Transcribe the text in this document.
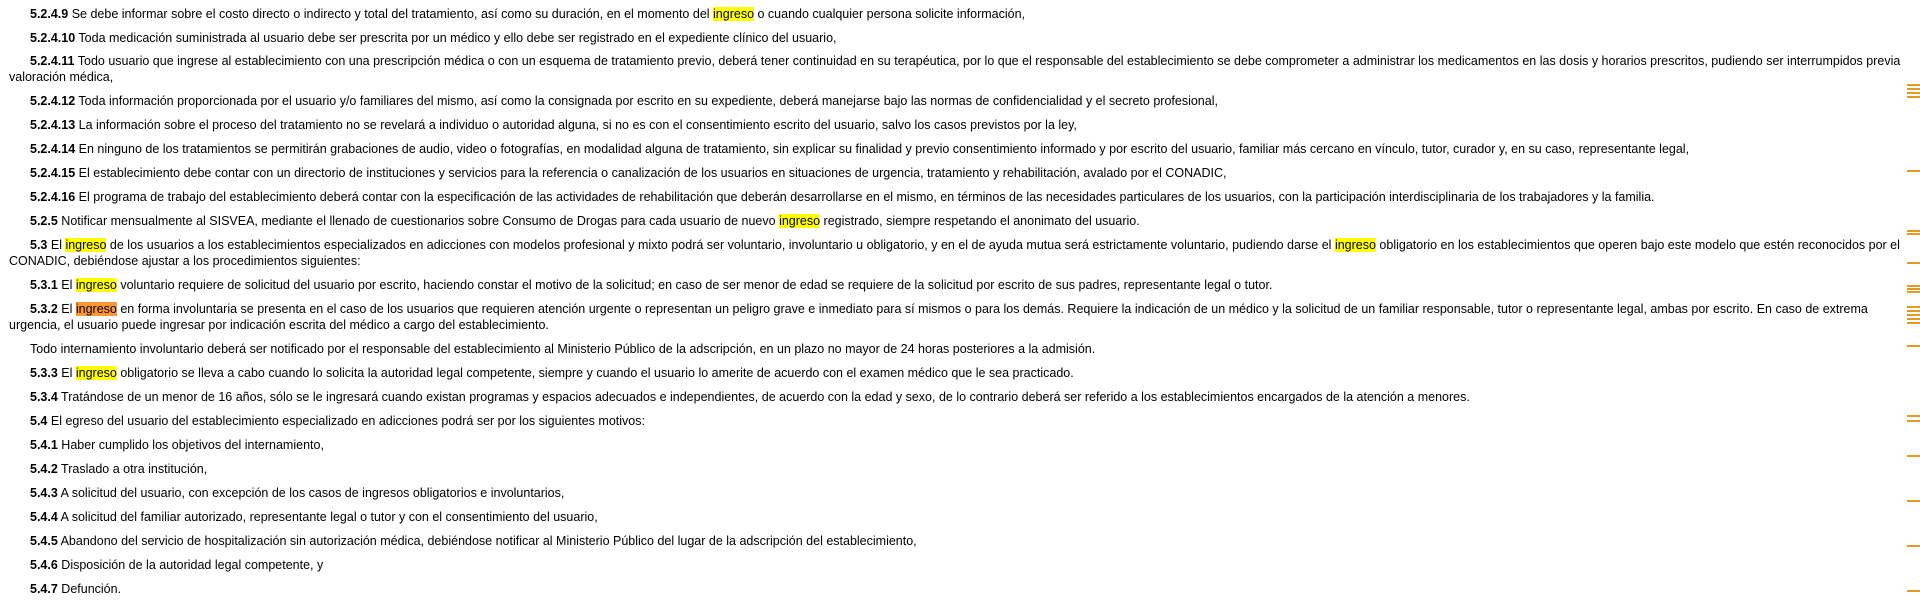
5.2.4.9 Se debe informar sobre el costo directo o indirecto y total del tratamiento, así como su duración, en el momento del ingreso o cuando cualquier persona solicite información,

5.2.4.10 Toda medicación suministrada al usuario debe ser prescrita por un médico y ello debe ser registrado en el expediente clínico del usuario,

5.2.4.11 Todo usuario que ingrese al establecimiento con una prescripción médica o con un esquema de tratamiento previo, deberá tener continuidad en su terapéutica, por lo que el responsable del establecimiento se debe comprometer a administrar los medicamentos en las dosis y horarios prescritos, pudiendo ser interrumpidos previa valoración médica,

5.2.4.12 Toda información proporcionada por el usuario y/o familiares del mismo, así como la consignada por escrito en su expediente, deberá manejarse bajo las normas de confidencialidad y el secreto profesional,

5.2.4.13 La información sobre el proceso del tratamiento no se revelará a individuo o autoridad alguna, si no es con el consentimiento escrito del usuario, salvo los casos previstos por la ley,

5.2.4.14 En ninguno de los tratamientos se permitirán grabaciones de audio, video o fotografías, en modalidad alguna de tratamiento, sin explicar su finalidad y previo consentimiento informado y por escrito del usuario, familiar más cercano en vínculo, tutor, curador y, en su caso, representante legal,

5.2.4.15 El establecimiento debe contar con un directorio de instituciones y servicios para la referencia o canalización de los usuarios en situaciones de urgencia, tratamiento y rehabilitación, avalado por el CONADIC,

5.2.4.16 El programa de trabajo del establecimiento deberá contar con la especificación de las actividades de rehabilitación que deberán desarrollarse en el mismo, en términos de las necesidades particulares de los usuarios, con la participación interdisciplinaria de los trabajadores y la familia.

5.2.5 Notificar mensualmente al SISVEA, mediante el llenado de cuestionarios sobre Consumo de Drogas para cada usuario de nuevo ingreso registrado, siempre respetando el anonimato del usuario.

5.3 El ingreso de los usuarios a los establecimientos especializados en adicciones con modelos profesional y mixto podrá ser voluntario, involuntario u obligatorio, y en el de ayuda mutua será estrictamente voluntario, pudiendo darse el ingreso obligatorio en los establecimientos que operen bajo este modelo que estén reconocidos por el CONADIC, debiéndose ajustar a los procedimientos siguientes:

5.3.1 El ingreso voluntario requiere de solicitud del usuario por escrito, haciendo constar el motivo de la solicitud; en caso de ser menor de edad se requiere de la solicitud por escrito de sus padres, representante legal o tutor.

5.3.2 El ingreso en forma involuntaria se presenta en el caso de los usuarios que requieren atención urgente o representan un peligro grave e inmediato para sí mismos o para los demás. Requiere la indicación de un médico y la solicitud de un familiar responsable, tutor o representante legal, ambas por escrito. En caso de extrema urgencia, el usuario puede ingresar por indicación escrita del médico a cargo del establecimiento.

Todo internamiento involuntario deberá ser notificado por el responsable del establecimiento al Ministerio Público de la adscripción, en un plazo no mayor de 24 horas posteriores a la admisión.

5.3.3 El ingreso obligatorio se lleva a cabo cuando lo solicita la autoridad legal competente, siempre y cuando el usuario lo amerite de acuerdo con el examen médico que le sea practicado.

5.3.4 Tratándose de un menor de 16 años, sólo se le ingresará cuando existan programas y espacios adecuados e independientes, de acuerdo con la edad y sexo, de lo contrario deberá ser referido a los establecimientos encargados de la atención a menores.

5.4 El egreso del usuario del establecimiento especializado en adicciones podrá ser por los siguientes motivos:

5.4.1 Haber cumplido los objetivos del internamiento,

5.4.2 Traslado a otra institución,

5.4.3 A solicitud del usuario, con excepción de los casos de ingresos obligatorios e involuntarios,

5.4.4 A solicitud del familiar autorizado, representante legal o tutor y con el consentimiento del usuario,

5.4.5 Abandono del servicio de hospitalización sin autorización médica, debiéndose notificar al Ministerio Público del lugar de la adscripción del establecimiento,

5.4.6 Disposición de la autoridad legal competente, y

5.4.7 Defunción.
